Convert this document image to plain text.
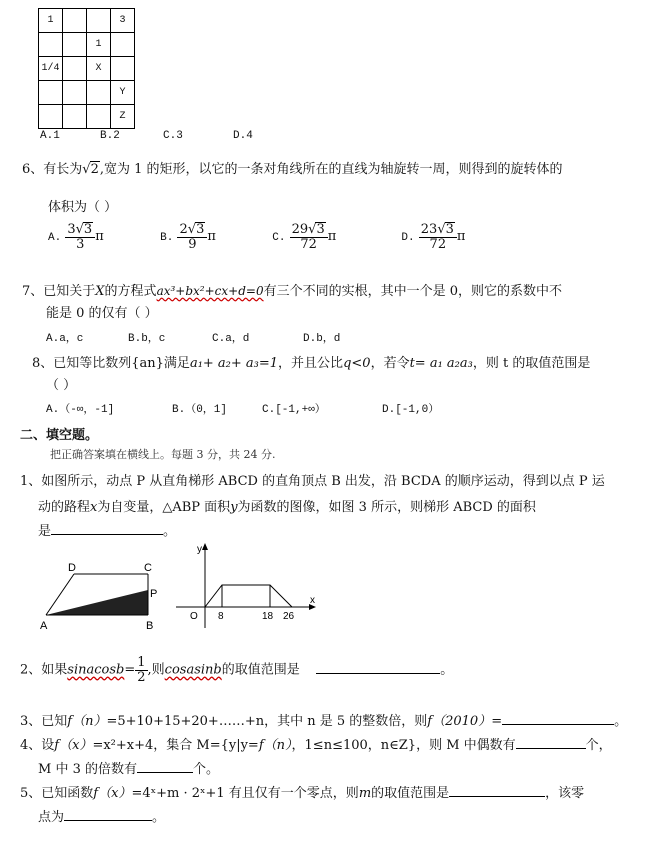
1			3
		1	
1/4		X	
			Y
			Z
A.1	B.2	C.3	D.4
6、有长为√2,宽为 1 的矩形，以它的一条对角线所在的直线为轴旋转一周，则得到的旋转体的
体积为（ ）
A. $\frac{3√3}{3}$ π	B. $\frac{2√3}{9}$ π	C. $\frac{29√3}{72}$ π	D. $\frac{23√3}{72}$ π
7、已知关于X的方程式ax³+bx²+cx+d=0有三个不同的实根，其中一个是 0，则它的系数中不
能是 0 的仅有（ ）
A.a，c	B.b，c	C.a，d	D.b，d
8、已知等比数列{an}满足a₁+ a₂+ a₃=1，并且公比q<0，若令t= a₁ a₂a₃，则 t 的取值范围是
（ ）
A.（-∞，-1]	B.（0，1]	C.[-1,+∞）	D.[-1,0）
二、填空题。
把正确答案填在横线上。每题 3 分，共 24 分.
1、如图所示，动点 P 从直角梯形 ABCD 的直角顶点 B 出发，沿 BCDA 的顺序运动，得到以点 P 运
动的路程x为自变量，△ABP 面积y为函数的图像，如图 3 所示，则梯形 ABCD 的面积
是	。
D	C
P
A	B
y
x
O 8	18 26
2、如果sinacosb= $\frac{1}{2}$ ,则cosasinb的取值范围是	。
3、已知f（n）=5+10+15+20+……+n，其中 n 是 5 的整数倍，则f（2010）=	。
4、设f（x）=x²+x+4，集合 M={y|y=f（n），1≤n≤100，n∈Z}，则 M 中偶数有	个，
M 中 3 的倍数有	个。
5、已知函数f（x）=4ˣ+m · 2ˣ+1 有且仅有一个零点，则m的取值范围是	，该零
点为	。
